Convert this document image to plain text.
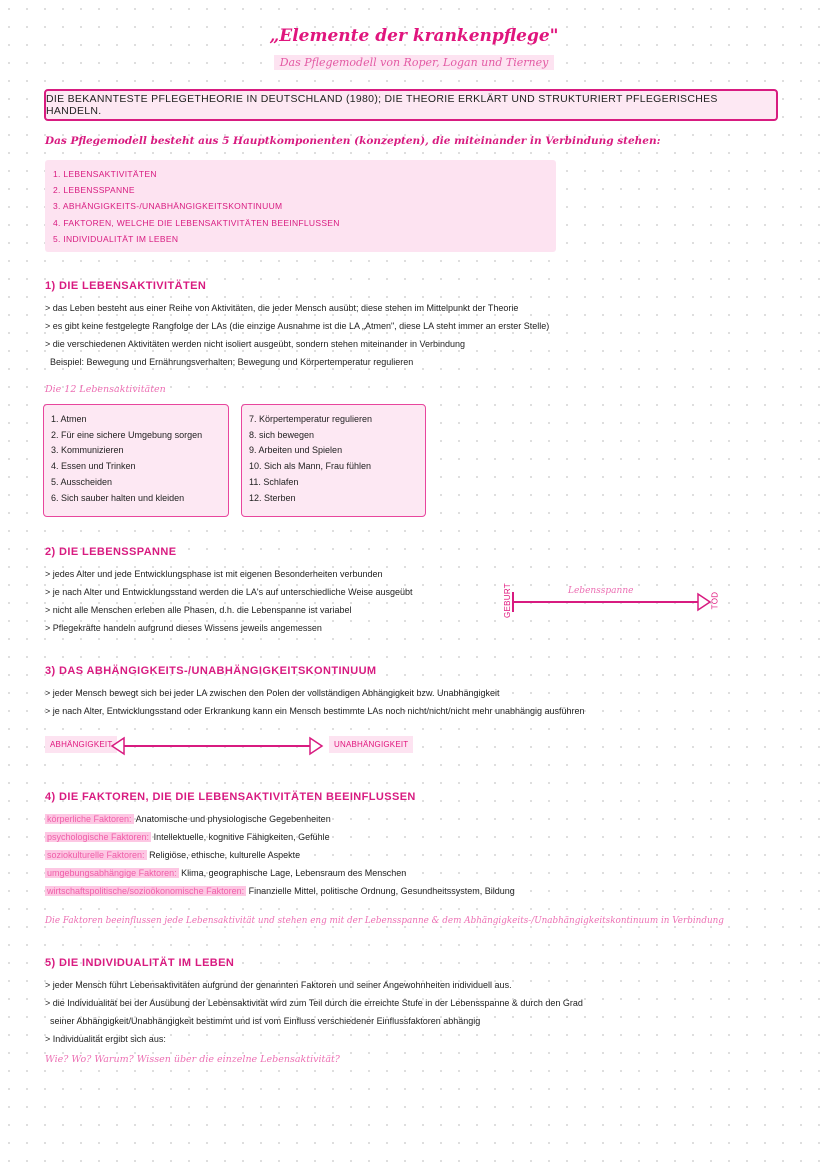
„Elemente der krankenpflege"
Das Pflegemodell von Roper, Logan und Tierney
DIE BEKANNTESTE PFLEGETHEORIE IN DEUTSCHLAND (1980); DIE THEORIE ERKLÄRT UND STRUKTURIERT PFLEGERISCHES HANDELN.
Das Pflegemodell besteht aus 5 Hauptkomponenten (konzepten), die miteinander in Verbindung stehen:
1. LEBENSAKTIVITÄTEN
2. LEBENSSPANNE
3. ABHÄNGIGKEITS-/UNABHÄNGIGKEITSKONTINUUM
4. FAKTOREN, WELCHE DIE LEBENSAKTIVITÄTEN BEEINFLUSSEN
5. INDIVIDUALITÄT IM LEBEN
1) DIE LEBENSAKTIVITÄTEN
> das Leben besteht aus einer Reihe von Aktivitäten, die jeder Mensch ausübt; diese stehen im Mittelpunkt der Theorie
> es gibt keine festgelegte Rangfolge der LAs (die einzige Ausnahme ist die LA „Atmen", diese LA steht immer an erster Stelle)
> die verschiedenen Aktivitäten werden nicht isoliert ausgeübt, sondern stehen miteinander in Verbindung
Beispiel: Bewegung und Ernährungsverhalten; Bewegung und Körpertemperatur regulieren
Die 12 Lebensaktivitäten
1. Atmen
2. Für eine sichere Umgebung sorgen
3. Kommunizieren
4. Essen und Trinken
5. Ausscheiden
6. Sich sauber halten und kleiden
7. Körpertemperatur regulieren
8. sich bewegen
9. Arbeiten und Spielen
10. Sich als Mann, Frau fühlen
11. Schlafen
12. Sterben
2) DIE LEBENSSPANNE
> jedes Alter und jede Entwicklungsphase ist mit eigenen Besonderheiten verbunden
> je nach Alter und Entwicklungsstand werden die LA's auf unterschiedliche Weise ausgeübt
> nicht alle Menschen erleben alle Phasen, d.h. die Lebenspanne ist variabel
> Pflegekräfte handeln aufgrund dieses Wissens jeweils angemessen
GEBURT	Lebensspanne
TOD
3) DAS ABHÄNGIGKEITS-/UNABHÄNGIGKEITSKONTINUUM
> jeder Mensch bewegt sich bei jeder LA zwischen den Polen der vollständigen Abhängigkeit bzw. Unabhängigkeit
> je nach Alter, Entwicklungsstand oder Erkrankung kann ein Mensch bestimmte LAs noch nicht/nicht/nicht mehr unabhängig ausführen
ABHÄNGIGKEIT	UNABHÄNGIGKEIT
4) DIE FAKTOREN, DIE DIE LEBENSAKTIVITÄTEN BEEINFLUSSEN
körperliche Faktoren: Anatomische und physiologische Gegebenheiten
psychologische Faktoren: Intellektuelle, kognitive Fähigkeiten, Gefühle
soziokulturelle Faktoren: Religiöse, ethische, kulturelle Aspekte
umgebungsabhängige Faktoren: Klima, geographische Lage, Lebensraum des Menschen
wirtschaftspolitische/sozioökonomische Faktoren: Finanzielle Mittel, politische Ordnung, Gesundheitssystem, Bildung
Die Faktoren beeinflussen jede Lebensaktivität und stehen eng mit der Lebensspanne & dem Abhängigkeits-/Unabhängigkeitskontinuum in Verbindung
5) DIE INDIVIDUALITÄT IM LEBEN
> jeder Mensch führt Lebensaktivitäten aufgrund der genannten Faktoren und seiner Angewohnheiten individuell aus.
> die Individualität bei der Ausübung der Lebensaktivität wird zum Teil durch die erreichte Stufe in der Lebensspanne & durch den Grad
seiner Abhängigkeit/Unabhängigkeit bestimmt und ist vom Einfluss verschiedener Einflussfaktoren abhängig
> Individualität ergibt sich aus:
Wie? Wo? Warum? Wissen über die einzelne Lebensaktivität?
